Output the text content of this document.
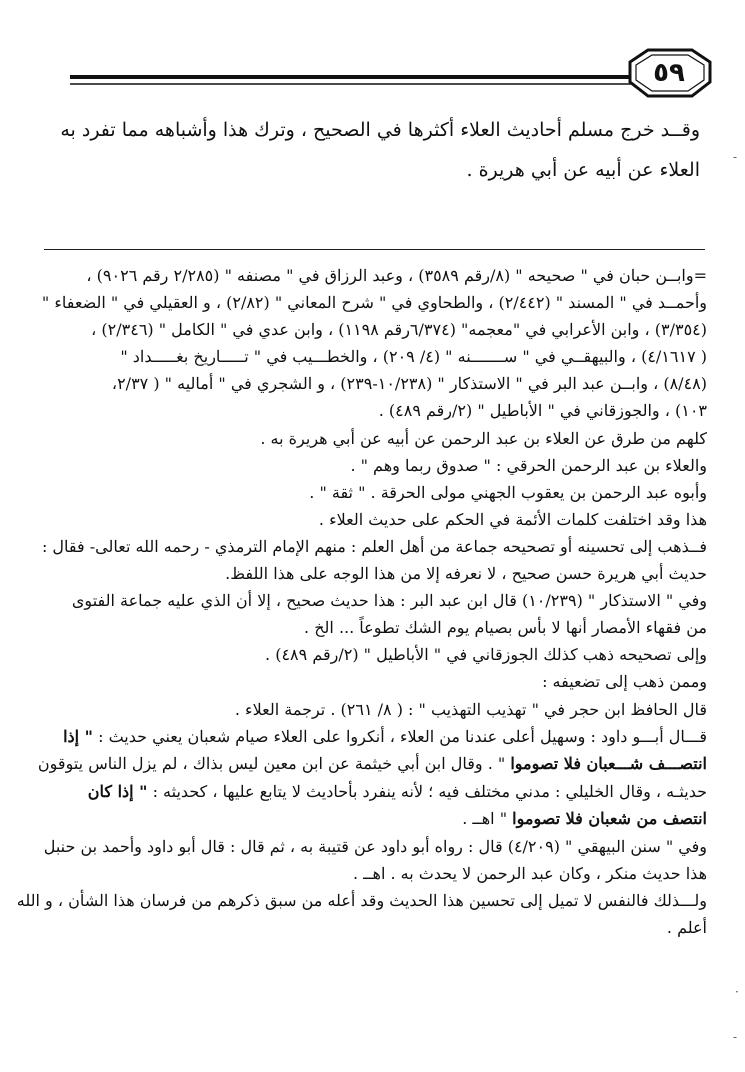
٥٩

وقــد خرج مسلم أحاديث العلاء أكثرها في الصحيح ، وترك هذا وأشباهه مما تفرد به

العلاء عن أبيه عن أبي هريرة .

=وابــن حبان في " صحيحه " (٨/رقم ٣٥٨٩) ، وعبد الرزاق في " مصنفه " (٢/٢٨٥ رقم ٩٠٢٦) ،
وأحمــد في " المسند " (٢/٤٤٢) ، والطحاوي في " شرح المعاني " (٢/٨٢) ، و العقيلي في " الضعفاء "
(٣/٣٥٤) ، وابن الأعرابي في "معجمه" (٦/٣٧٤رقم ١١٩٨) ، وابن عدي في " الكامل " (٢/٣٤٦) ،
( ٤/١٦١٧) ، والبيهقــي في " ســـــــنه " (٤/ ٢٠٩) ، والخطـــيب في " تـــــاريخ بغـــــداد "
(٨/٤٨) ، وابــن عبد البر في " الاستذكار " (١٠/٢٣٨-٢٣٩) ، و الشجري في " أماليه " ( ٢/٣٧،
١٠٣) ، والجوزقاني في " الأباطيل " (٢/رقم ٤٨٩) .
كلهم من طرق عن العلاء بن عبد الرحمن عن أبيه عن أبي هريرة به .
والعلاء بن عبد الرحمن الحرقي : " صدوق ربما وهم " .
وأبوه عبد الرحمن بن يعقوب الجهني مولى الحرقة . " ثقة " .
هذا وقد اختلفت كلمات الأئمة في الحكم على حديث العلاء .
فــذهب إلى تحسينه أو تصحيحه جماعة من أهل العلم : منهم الإمام الترمذي - رحمه الله تعالى- فقال :
حديث أبي هريرة حسن صحيح ، لا نعرفه إلا من هذا الوجه على هذا اللفظ.
وفي " الاستذكار " (١٠/٢٣٩) قال ابن عبد البر : هذا حديث صحيح ، إلا أن الذي عليه جماعة الفتوى
من فقهاء الأمصار أنها لا بأس بصيام يوم الشك تطوعاً ... الخ .
وإلى تصحيحه ذهب كذلك الجوزقاني في " الأباطيل " (٢/رقم ٤٨٩) .
وممن ذهب إلى تضعيفه :
قال الحافظ ابن حجر في " تهذيب التهذيب " : ( ٨/ ٢٦١) . ترجمة العلاء .
قـــال أبـــو داود : وسهيل أعلى عندنا من العلاء ، أنكروا على العلاء صيام شعبان يعني حديث : " إذا
انتصـــف شـــعبان فلا تصوموا " . وقال ابن أبي خيثمة عن ابن معين ليس بذاك ، لم يزل الناس يتوقون
حديثـه ، وقال الخليلي : مدني مختلف فيه ؛ لأنه ينفرد بأحاديث لا يتابع عليها ، كحديثه : " إذا كان
انتصف من شعبان فلا تصوموا " اهــ .
وفي " سنن البيهقي " (٤/٢٠٩) قال : رواه أبو داود عن قتيبة به ، ثم قال : قال أبو داود وأحمد بن حنبل
هذا حديث منكر ، وكان عبد الرحمن لا يحدث به . اهــ .
ولـــذلك فالنفس لا تميل إلى تحسين هذا الحديث وقد أعله من سبق ذكرهم من فرسان هذا الشأن ، و الله
أعلم .
-
·
-
